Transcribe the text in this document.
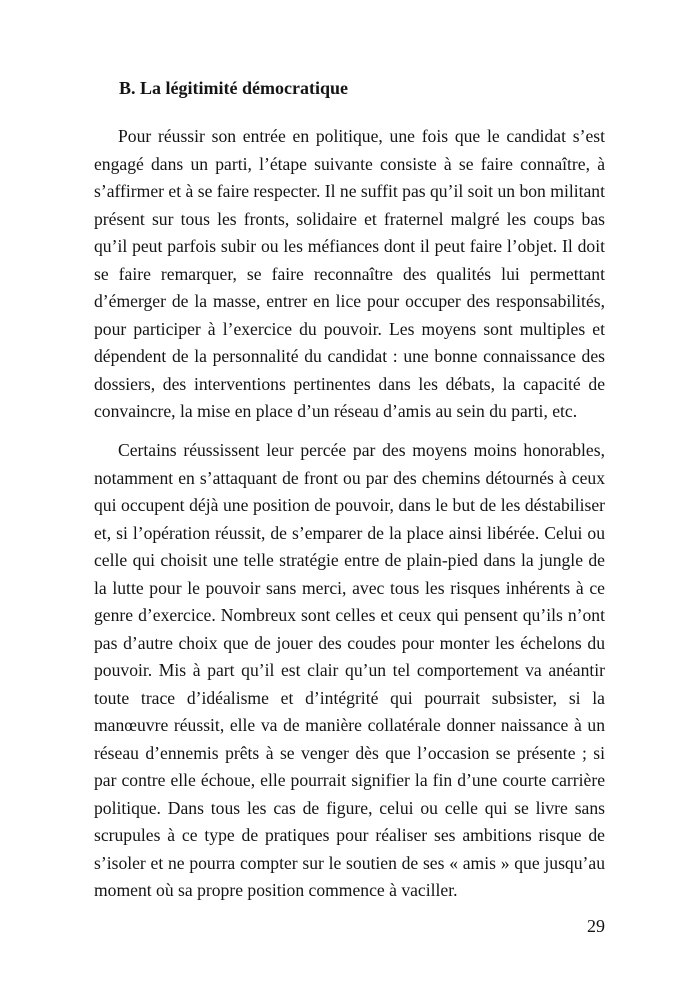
B. La légitimité démocratique

Pour réussir son entrée en politique, une fois que le candidat s’est engagé dans un parti, l’étape suivante consiste à se faire connaître, à s’affirmer et à se faire respecter. Il ne suffit pas qu’il soit un bon militant présent sur tous les fronts, solidaire et fraternel malgré les coups bas qu’il peut parfois subir ou les méfiances dont il peut faire l’objet. Il doit se faire remarquer, se faire reconnaître des qualités lui permettant d’émerger de la masse, entrer en lice pour occuper des responsabilités, pour participer à l’exercice du pouvoir. Les moyens sont multiples et dépendent de la personnalité du candidat : une bonne connaissance des dossiers, des interventions pertinentes dans les débats, la capacité de convaincre, la mise en place d’un réseau d’amis au sein du parti, etc.

Certains réussissent leur percée par des moyens moins honorables, notamment en s’attaquant de front ou par des chemins détournés à ceux qui occupent déjà une position de pouvoir, dans le but de les déstabiliser et, si l’opération réussit, de s’emparer de la place ainsi libérée. Celui ou celle qui choisit une telle stratégie entre de plain-pied dans la jungle de la lutte pour le pouvoir sans merci, avec tous les risques inhérents à ce genre d’exercice. Nombreux sont celles et ceux qui pensent qu’ils n’ont pas d’autre choix que de jouer des coudes pour monter les échelons du pouvoir. Mis à part qu’il est clair qu’un tel comportement va anéantir toute trace d’idéalisme et d’intégrité qui pourrait subsister, si la manœuvre réussit, elle va de manière collatérale donner naissance à un réseau d’ennemis prêts à se venger dès que l’occasion se présente ; si par contre elle échoue, elle pourrait signifier la fin d’une courte carrière politique. Dans tous les cas de figure, celui ou celle qui se livre sans scrupules à ce type de pratiques pour réaliser ses ambitions risque de s’isoler et ne pourra compter sur le soutien de ses « amis » que jusqu’au moment où sa propre position commence à vaciller.

29
